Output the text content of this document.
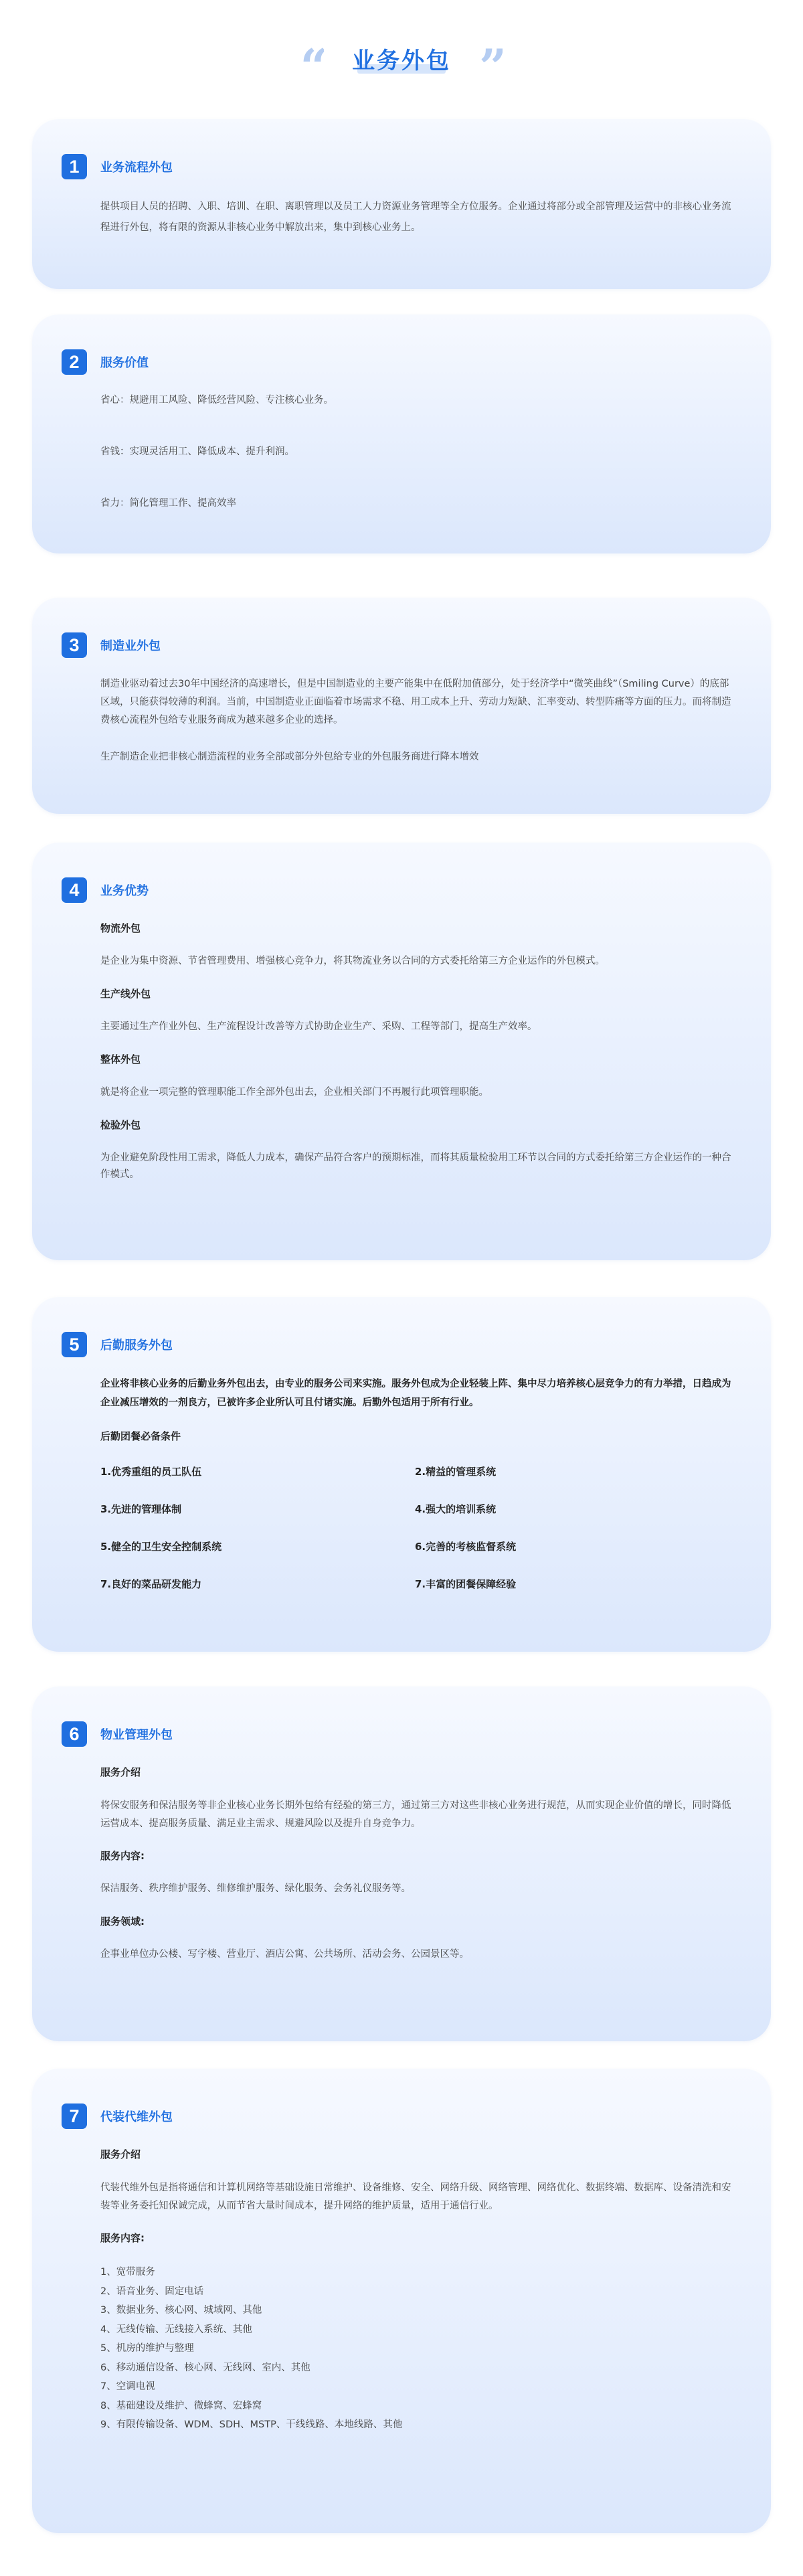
“ 业务外包 ”
1	业务流程外包

提供项目人员的招聘、入职、培训、在职、离职管理以及员工人力资源业务管理等全方位服务。企业通过将部分或全部管理及运营中的非核心业务流程进行外包，将有限的资源从非核心业务中解放出来，集中到核心业务上。

2	服务价值

省心：规避用工风险、降低经营风险、专注核心业务。

省钱：实现灵活用工、降低成本、提升利润。

省力：简化管理工作、提高效率

3	制造业外包

制造业驱动着过去30年中国经济的高速增长，但是中国制造业的主要产能集中在低附加值部分，处于经济学中“微笑曲线”（Smiling Curve）的底部区域，只能获得较薄的利润。当前，中国制造业正面临着市场需求不稳、用工成本上升、劳动力短缺、汇率变动、转型阵痛等方面的压力。而将制造费核心流程外包给专业服务商成为越来越多企业的选择。

生产制造企业把非核心制造流程的业务全部或部分外包给专业的外包服务商进行降本增效

4	业务优势

物流外包

是企业为集中资源、节省管理费用、增强核心竞争力，将其物流业务以合同的方式委托给第三方企业运作的外包模式。

生产线外包

主要通过生产作业外包、生产流程设计改善等方式协助企业生产、采购、工程等部门，提高生产效率。

整体外包

就是将企业一项完整的管理职能工作全部外包出去，企业相关部门不再履行此项管理职能。

检验外包

为企业避免阶段性用工需求，降低人力成本，确保产品符合客户的预期标准，而将其质量检验用工环节以合同的方式委托给第三方企业运作的一种合作模式。

5	后勤服务外包

企业将非核心业务的后勤业务外包出去，由专业的服务公司来实施。服务外包成为企业轻装上阵、集中尽力培养核心层竞争力的有力举措，日趋成为企业减压增效的一剂良方，已被许多企业所认可且付诸实施。后勤外包适用于所有行业。

后勤团餐必备条件

1.优秀重组的员工队伍	2.精益的管理系统
3.先进的管理体制	4.强大的培训系统
5.健全的卫生安全控制系统	6.完善的考核监督系统
7.良好的菜品研发能力	7.丰富的团餐保障经验
6	物业管理外包

服务介绍

将保安服务和保洁服务等非企业核心业务长期外包给有经验的第三方，通过第三方对这些非核心业务进行规范，从而实现企业价值的增长，同时降低运营成本、提高服务质量、满足业主需求、规避风险以及提升自身竞争力。

服务内容:

保洁服务、秩序维护服务、维修维护服务、绿化服务、会务礼仪服务等。

服务领域:

企事业单位办公楼、写字楼、营业厅、酒店公寓、公共场所、活动会务、公园景区等。

7	代装代维外包

服务介绍

代装代维外包是指将通信和计算机网络等基础设施日常维护、设备维修、安全、网络升级、网络管理、网络优化、数据终端、数据库、设备清洗和安装等业务委托知保诚完成，从而节省大量时间成本，提升网络的维护质量，适用于通信行业。

服务内容:

1、宽带服务
2、语音业务、固定电话
3、数据业务、核心网、城域网、其他
4、无线传输、无线接入系统、其他
5、机房的维护与整理
6、移动通信设备、核心网、无线网、室内、其他
7、空调电视
8、基础建设及维护、微蜂窝、宏蜂窝
9、有限传输设备、WDM、SDH、MSTP、干线线路、本地线路、其他
